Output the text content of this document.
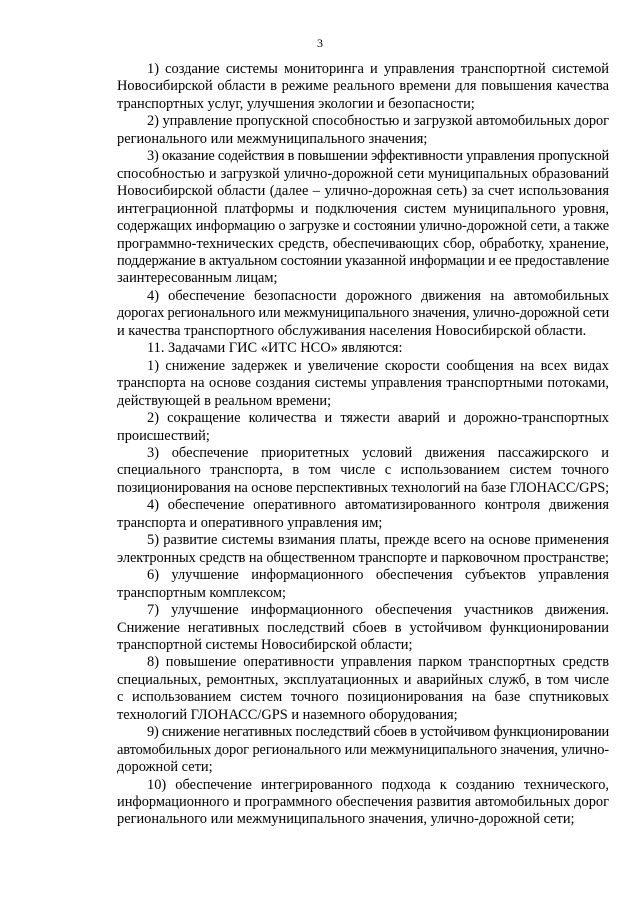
3

1) создание системы мониторинга и управления транспортной системой
Новосибирской области в режиме реального времени для повышения качества
транспортных услуг, улучшения экологии и безопасности;

2) управление пропускной способностью и загрузкой автомобильных дорог
регионального или межмуниципального значения;

3) оказание содействия в повышении эффективности управления пропускной
способностью и загрузкой улично-дорожной сети муниципальных образований
Новосибирской области (далее – улично-дорожная сеть) за счет использования
интеграционной платформы и подключения систем муниципального уровня,
содержащих информацию о загрузке и состоянии улично-дорожной сети, а также
программно-технических средств, обеспечивающих сбор, обработку, хранение,
поддержание в актуальном состоянии указанной информации и ее предоставление
заинтересованным лицам;

4) обеспечение безопасности дорожного движения на автомобильных
дорогах регионального или межмуниципального значения, улично-дорожной сети
и качества транспортного обслуживания населения Новосибирской области.

11. Задачами ГИС «ИТС НСО» являются:

1) снижение задержек и увеличение скорости сообщения на всех видах
транспорта на основе создания системы управления транспортными потоками,
действующей в реальном времени;

2) сокращение количества и тяжести аварий и дорожно-транспортных
происшествий;

3) обеспечение приоритетных условий движения пассажирского и
специального транспорта, в том числе с использованием систем точного
позиционирования на основе перспективных технологий на базе ГЛОНАСС/GPS;

4) обеспечение оперативного автоматизированного контроля движения
транспорта и оперативного управления им;

5) развитие системы взимания платы, прежде всего на основе применения
электронных средств на общественном транспорте и парковочном пространстве;

6) улучшение информационного обеспечения субъектов управления
транспортным комплексом;

7) улучшение информационного обеспечения участников движения.
Снижение негативных последствий сбоев в устойчивом функционировании
транспортной системы Новосибирской области;

8) повышение оперативности управления парком транспортных средств
специальных, ремонтных, эксплуатационных и аварийных служб, в том числе
с использованием систем точного позиционирования на базе спутниковых
технологий ГЛОНАСС/GPS и наземного оборудования;

9) снижение негативных последствий сбоев в устойчивом функционировании
автомобильных дорог регионального или межмуниципального значения, улично-
дорожной сети;

10) обеспечение интегрированного подхода к созданию технического,
информационного и программного обеспечения развития автомобильных дорог
регионального или межмуниципального значения, улично-дорожной сети;
